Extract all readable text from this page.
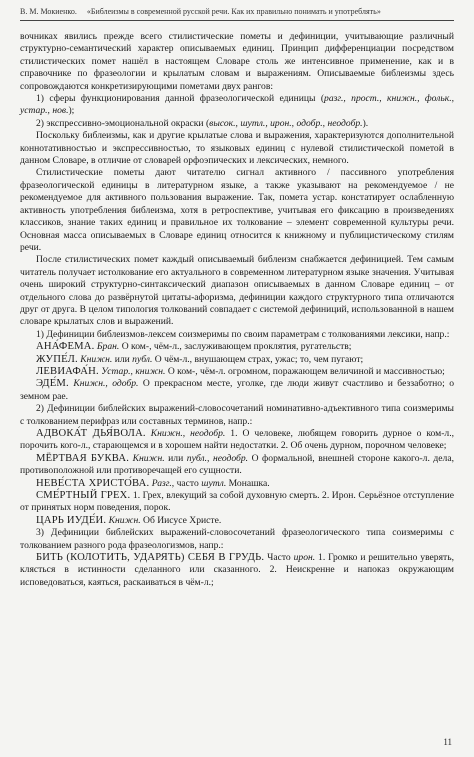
В. М. Мокиенко. «Библеизмы в современной русской речи. Как их правильно понимать и употреблять»

вочниках явились прежде всего стилистические пометы и дефиниции, учитывающие различный структурно-семантический характер описываемых единиц. Принцип дифференциации посредством стилистических помет нашёл в настоящем Словаре столь же интенсивное применение, как и в справочнике по фразеологии и крылатым словам и выражениям. Описываемые библеизмы здесь сопровождаются конкретизирующими пометами двух рангов:

1) сферы функционирования данной фразеологической единицы (разг., прост., книжн., фольк., устар., нов.);

2) экспрессивно-эмоциональной окраски (высок., шутл., ирон., одобр., неодобр.).

Поскольку библеизмы, как и другие крылатые слова и выражения, характеризуются дополнительной коннотативностью и экспрессивностью, то языковых единиц с нулевой стилистической пометой в данном Словаре, в отличие от словарей орфоэпических и лексических, немного.

Стилистические пометы дают читателю сигнал активного / пассивного употребления фразеологической единицы в литературном языке, а также указывают на рекомендуемое / не рекомендуемое для активного пользования выражение. Так, помета устар. констатирует ослабленную активность употребления библеизма, хотя в ретроспективе, учитывая его фиксацию в произведениях классиков, знание таких единиц и правильное их толкование – элемент современной культуры речи. Основная масса описываемых в Словаре единиц относится к книжному и публицистическому стилям речи.

После стилистических помет каждый описываемый библеизм снабжается дефиницией. Тем самым читатель получает истолкование его актуального в современном литературном языке значения. Учитывая очень широкий структурно-синтаксический диапазон описываемых в данном Словаре единиц – от отдельного слова до развёрнутой цитаты-афоризма, дефиниции каждого структурного типа отличаются друг от друга. В целом типология толкований совпадает с системой дефиниций, использованной в нашем словаре крылатых слов и выражений.

1) Дефиниции библеизмов-лексем соизмеримы по своим параметрам с толкованиями лексики, напр.:

АНА́ФЕМА. Бран. О ком-, чём-л., заслуживающем проклятия, ругательств;

ЖУПЕ́Л. Книжн. или публ. О чём-л., внушающем страх, ужас; то, чем пугают;

ЛЕВИАФА́Н. Устар., книжн. О ком-, чём-л. огромном, поражающем величиной и массивностью;

ЭДЕ́М. Книжн., одобр. О прекрасном месте, уголке, где люди живут счастливо и беззаботно; о земном рае.

2) Дефиниции библейских выражений-словосочетаний номинативно-адъективного типа соизмеримы с толкованием перифраз или составных терминов, напр.:

АДВОКА́Т ДЬЯ́ВОЛА. Книжн., неодобр. 1. О человеке, любящем говорить дурное о ком-л., порочить кого-л., старающемся и в хорошем найти недостатки. 2. Об очень дурном, порочном человеке;

МЁРТВАЯ БУКВА. Книжн. или публ., неодобр. О формальной, внешней стороне какого-л. дела, противоположной или противоречащей его сущности.

НЕВЕ́СТА ХРИСТО́ВА. Разг., часто шутл. Монашка.

СМЕ́РТНЫЙ ГРЕХ. 1. Грех, влекущий за собой духовную смерть. 2. Ирон. Серьёзное отступление от принятых норм поведения, порок.

ЦАРЬ ИУДЕ́И. Книжн. Об Иисусе Христе.

3) Дефиниции библейских выражений-словосочетаний фразеологического типа соизмеримы с толкованием разного рода фразеологизмов, напр.:

БИТЬ (КОЛОТИТЬ, УДАРЯТЬ) СЕБЯ В ГРУДЬ. Часто ирон. 1. Громко и решительно уверять, клясться в истинности сделанного или сказанного. 2. Неискренне и напоказ окружающим исповедоваться, каяться, раскаиваться в чём-л.;

11
